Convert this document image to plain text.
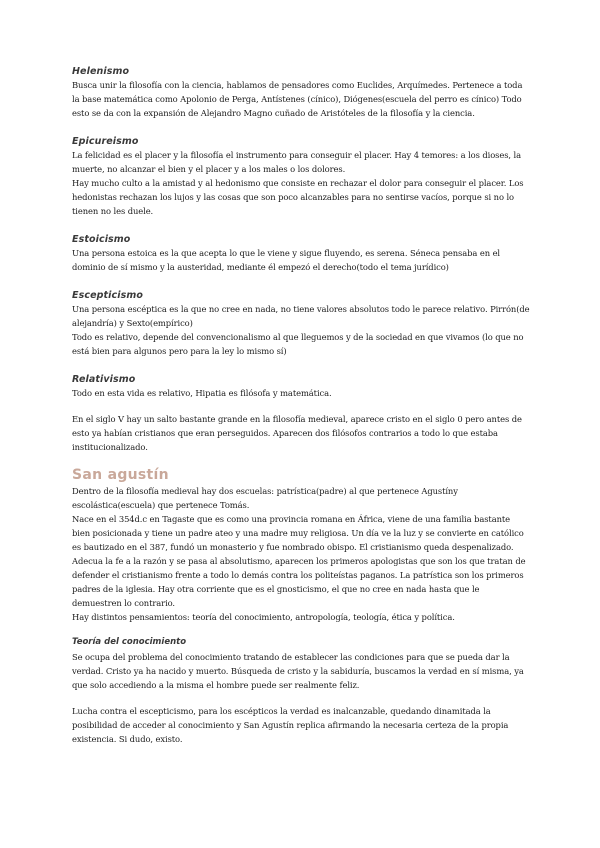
Helenismo

Busca unir la filosofía con la ciencia, hablamos de pensadores como Euclides, Arquímedes. Pertenece a toda la base matemática como Apolonio de Perga, Antístenes (cínico), Diógenes(escuela del perro es cínico) Todo esto se da con la expansión de Alejandro Magno cuñado de Aristóteles de la filosofía y la ciencia.

Epicureismo

La felicidad es el placer y la filosofía el instrumento para conseguir el placer. Hay 4 temores: a los dioses, la muerte, no alcanzar el bien y el placer y a los males o los dolores.

Hay mucho culto a la amistad y al hedonismo que consiste en rechazar el dolor para conseguir el placer. Los hedonistas rechazan los lujos y las cosas que son poco alcanzables para no sentirse vacíos, porque si no lo tienen no les duele.

Estoicismo

Una persona estoica es la que acepta lo que le viene y sigue fluyendo, es serena. Séneca pensaba en el dominio de sí mismo y la austeridad, mediante él empezó el derecho(todo el tema jurídico)

Escepticismo

Una persona escéptica es la que no cree en nada, no tiene valores absolutos todo le parece relativo. Pirrón(de alejandría) y Sexto(empírico)

Todo es relativo, depende del convencionalismo al que lleguemos y de la sociedad en que vivamos (lo que no está bien para algunos pero para la ley lo mismo sí)

Relativismo

Todo en esta vida es relativo, Hipatia es filósofa y matemática.

En el siglo V hay un salto bastante grande en la filosofía medieval, aparece cristo en el siglo 0 pero antes de esto ya habían cristianos que eran perseguidos. Aparecen dos filósofos contrarios a todo lo que estaba institucionalizado.

San agustín

Dentro de la filosofía medieval hay dos escuelas: patrística(padre) al que pertenece Agustíny escolástica(escuela) que pertenece Tomás.

Nace en el 354d.c en Tagaste que es como una provincia romana en África, viene de una familia bastante bien posicionada y tiene un padre ateo y una madre muy religiosa. Un día ve la luz y se convierte en católico es bautizado en el 387, fundó un monasterio y fue nombrado obispo. El cristianismo queda despenalizado.

Adecua la fe a la razón y se pasa al absolutismo, aparecen los primeros apologistas que son los que tratan de defender el cristianismo frente a todo lo demás contra los politeístas paganos. La patrística son los primeros padres de la iglesia. Hay otra corriente que es el gnosticismo, el que no cree en nada hasta que le demuestren lo contrario.

Hay distintos pensamientos: teoría del conocimiento, antropología, teología, ética y política.

Teoría del conocimiento

Se ocupa del problema del conocimiento tratando de establecer las condiciones para que se pueda dar la verdad. Cristo ya ha nacido y muerto. Búsqueda de cristo y la sabiduría, buscamos la verdad en sí misma, ya que solo accediendo a la misma el hombre puede ser realmente feliz.

Lucha contra el escepticismo, para los escépticos la verdad es inalcanzable, quedando dinamitada la posibilidad de acceder al conocimiento y San Agustín replica afirmando la necesaria certeza de la propia existencia. Si dudo, existo.
